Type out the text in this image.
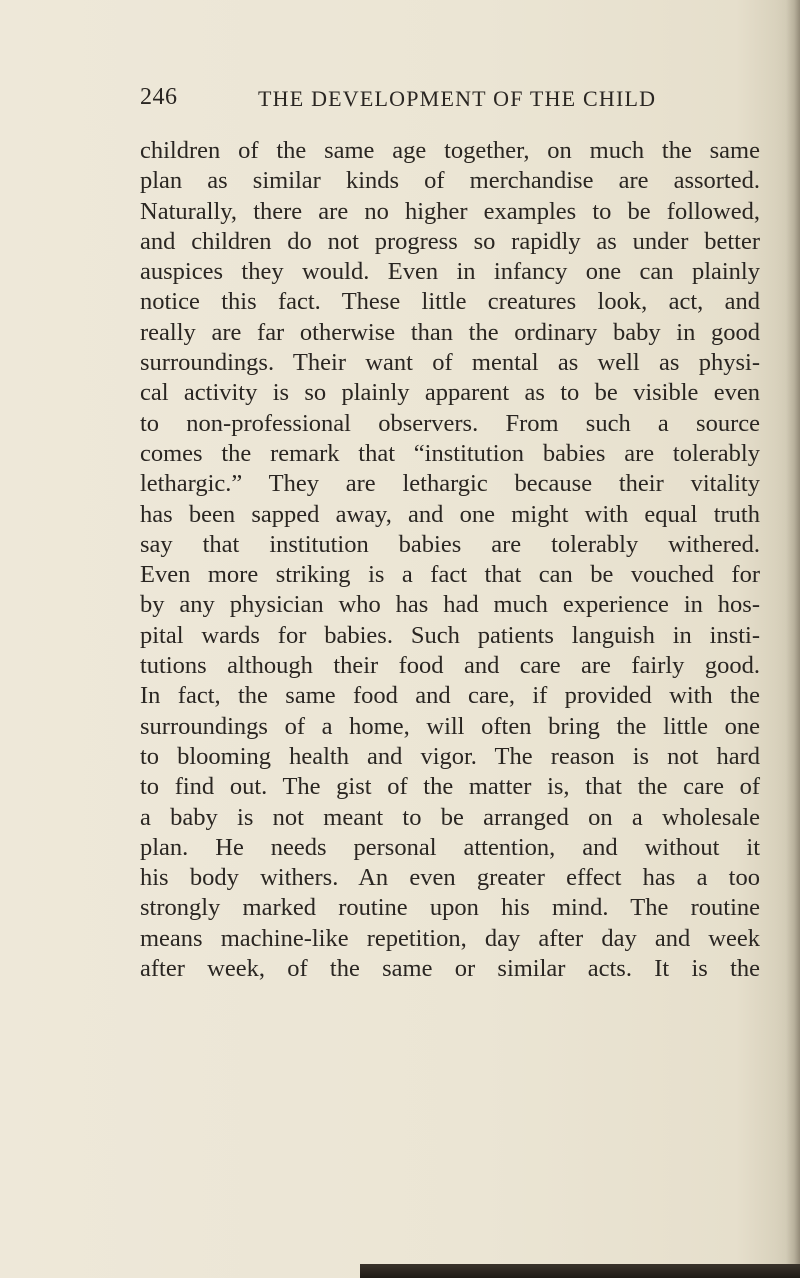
246	THE DEVELOPMENT OF THE CHILD

children of the same age together, on much the same
plan as similar kinds of merchandise are assorted.
Naturally, there are no higher examples to be followed,
and children do not progress so rapidly as under better
auspices they would. Even in infancy one can plainly
notice this fact. These little creatures look, act, and
really are far otherwise than the ordinary baby in good
surroundings. Their want of mental as well as physi-
cal activity is so plainly apparent as to be visible even
to non-professional observers. From such a source
comes the remark that “institution babies are tolerably
lethargic.” They are lethargic because their vitality
has been sapped away, and one might with equal truth
say that institution babies are tolerably withered.
Even more striking is a fact that can be vouched for
by any physician who has had much experience in hos-
pital wards for babies. Such patients languish in insti-
tutions although their food and care are fairly good.
In fact, the same food and care, if provided with the
surroundings of a home, will often bring the little one
to blooming health and vigor. The reason is not hard
to find out. The gist of the matter is, that the care of
a baby is not meant to be arranged on a wholesale
plan. He needs personal attention, and without it
his body withers. An even greater effect has a too
strongly marked routine upon his mind. The routine
means machine-like repetition, day after day and week
after week, of the same or similar acts. It is the
